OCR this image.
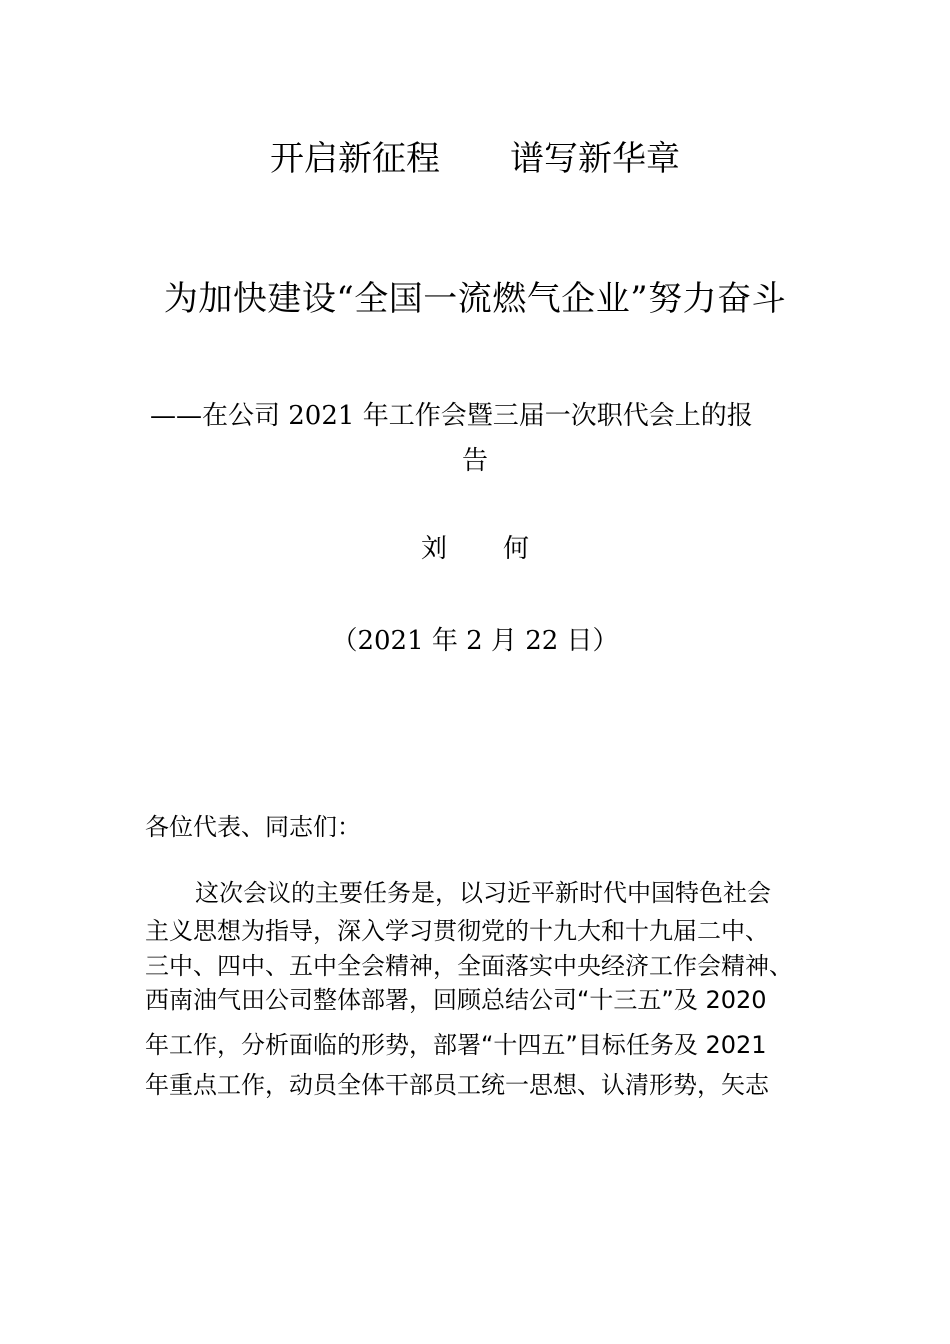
开启新征程 谱写新华章
为加快建设“全国一流燃气企业”努力奋斗
——在公司 2021 年工作会暨三届一次职代会上的报
告
刘 何
（2021 年 2 月 22 日）
各位代表、同志们：
这次会议的主要任务是，以习近平新时代中国特色社会
主义思想为指导，深入学习贯彻党的十九大和十九届二中、
三中、四中、五中全会精神，全面落实中央经济工作会精神、
西南油气田公司整体部署，回顾总结公司“十三五”及 2020
年工作，分析面临的形势，部署“十四五”目标任务及 2021
年重点工作，动员全体干部员工统一思想、认清形势，矢志
